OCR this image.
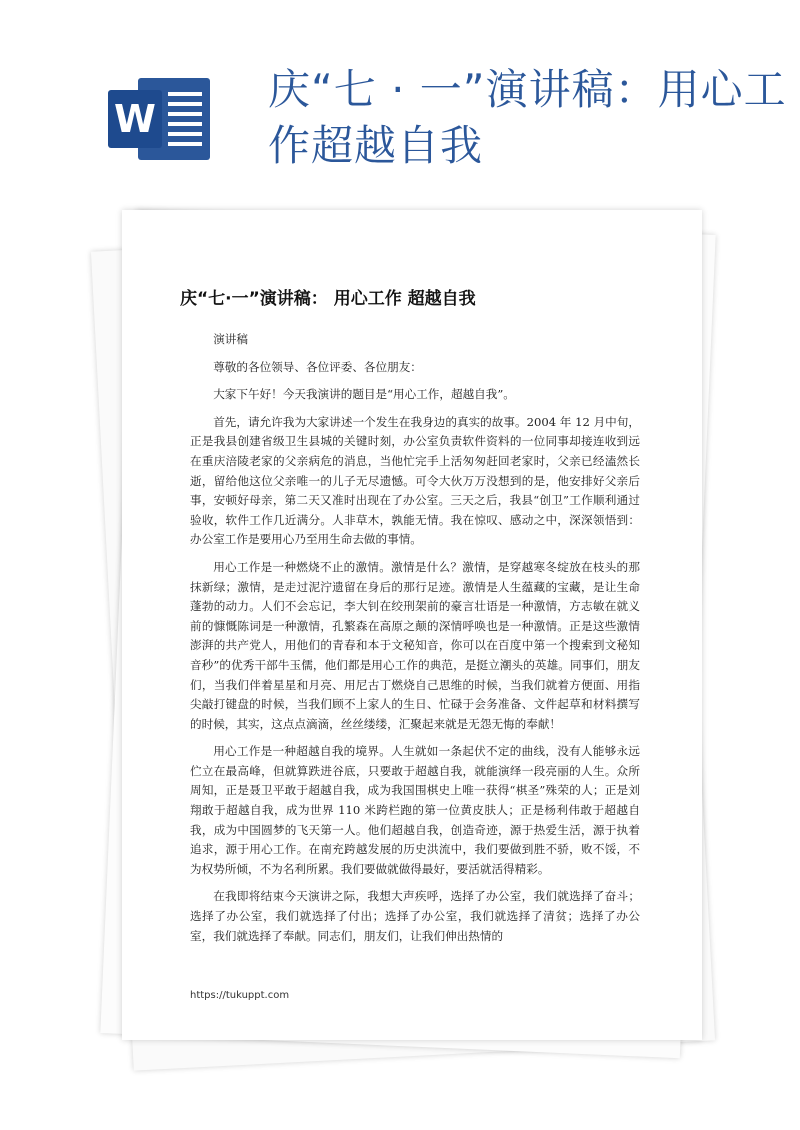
W
庆“七 · 一”演讲稿：用心工作超越自我
庆“七·一”演讲稿： 用心工作 超越自我

演讲稿

尊敬的各位领导、各位评委、各位朋友：

大家下午好！今天我演讲的题目是“用心工作，超越自我”。

首先，请允许我为大家讲述一个发生在我身边的真实的故事。2004 年 12 月中旬，正是我县创建省级卫生县城的关键时刻，办公室负责软件资料的一位同事却接连收到远在重庆涪陵老家的父亲病危的消息，当他忙完手上活匆匆赶回老家时，父亲已经溘然长逝，留给他这位父亲唯一的儿子无尽遗憾。可令大伙万万没想到的是，他安排好父亲后事，安顿好母亲，第二天又准时出现在了办公室。三天之后，我县“创卫”工作顺利通过验收，软件工作几近满分。人非草木，孰能无情。我在惊叹、感动之中，深深领悟到：办公室工作是要用心乃至用生命去做的事情。

用心工作是一种燃烧不止的激情。激情是什么？激情，是穿越寒冬绽放在枝头的那抹新绿；激情，是走过泥泞遗留在身后的那行足迹。激情是人生蕴藏的宝藏，是让生命蓬勃的动力。人们不会忘记，李大钊在绞刑架前的豪言壮语是一种激情，方志敏在就义前的慷慨陈词是一种激情，孔繁森在高原之颠的深情呼唤也是一种激情。正是这些激情澎湃的共产党人，用他们的青春和本于文秘知音，你可以在百度中第一个搜索到文秘知音秒”的优秀干部牛玉儒，他们都是用心工作的典范，是挺立潮头的英雄。同事们，朋友们，当我们伴着星星和月亮、用尼古丁燃烧自己思维的时候，当我们就着方便面、用指尖敲打键盘的时候，当我们顾不上家人的生日、忙碌于会务准备、文件起草和材料撰写的时候，其实，这点点滴滴，丝丝缕缕，汇聚起来就是无怨无悔的奉献！

用心工作是一种超越自我的境界。人生就如一条起伏不定的曲线，没有人能够永远伫立在最高峰，但就算跌进谷底，只要敢于超越自我，就能演绎一段亮丽的人生。众所周知，正是聂卫平敢于超越自我，成为我国围棋史上唯一获得“棋圣”殊荣的人；正是刘翔敢于超越自我，成为世界 110 米跨栏跑的第一位黄皮肤人；正是杨利伟敢于超越自我，成为中国圆梦的飞天第一人。他们超越自我，创造奇迹，源于热爱生活，源于执着追求，源于用心工作。在南充跨越发展的历史洪流中，我们要做到胜不骄，败不馁，不为权势所倾，不为名利所累。我们要做就做得最好，要活就活得精彩。

在我即将结束今天演讲之际，我想大声疾呼，选择了办公室，我们就选择了奋斗；选择了办公室，我们就选择了付出；选择了办公室，我们就选择了清贫；选择了办公室，我们就选择了奉献。同志们，朋友们，让我们伸出热情的

https://tukuppt.com
